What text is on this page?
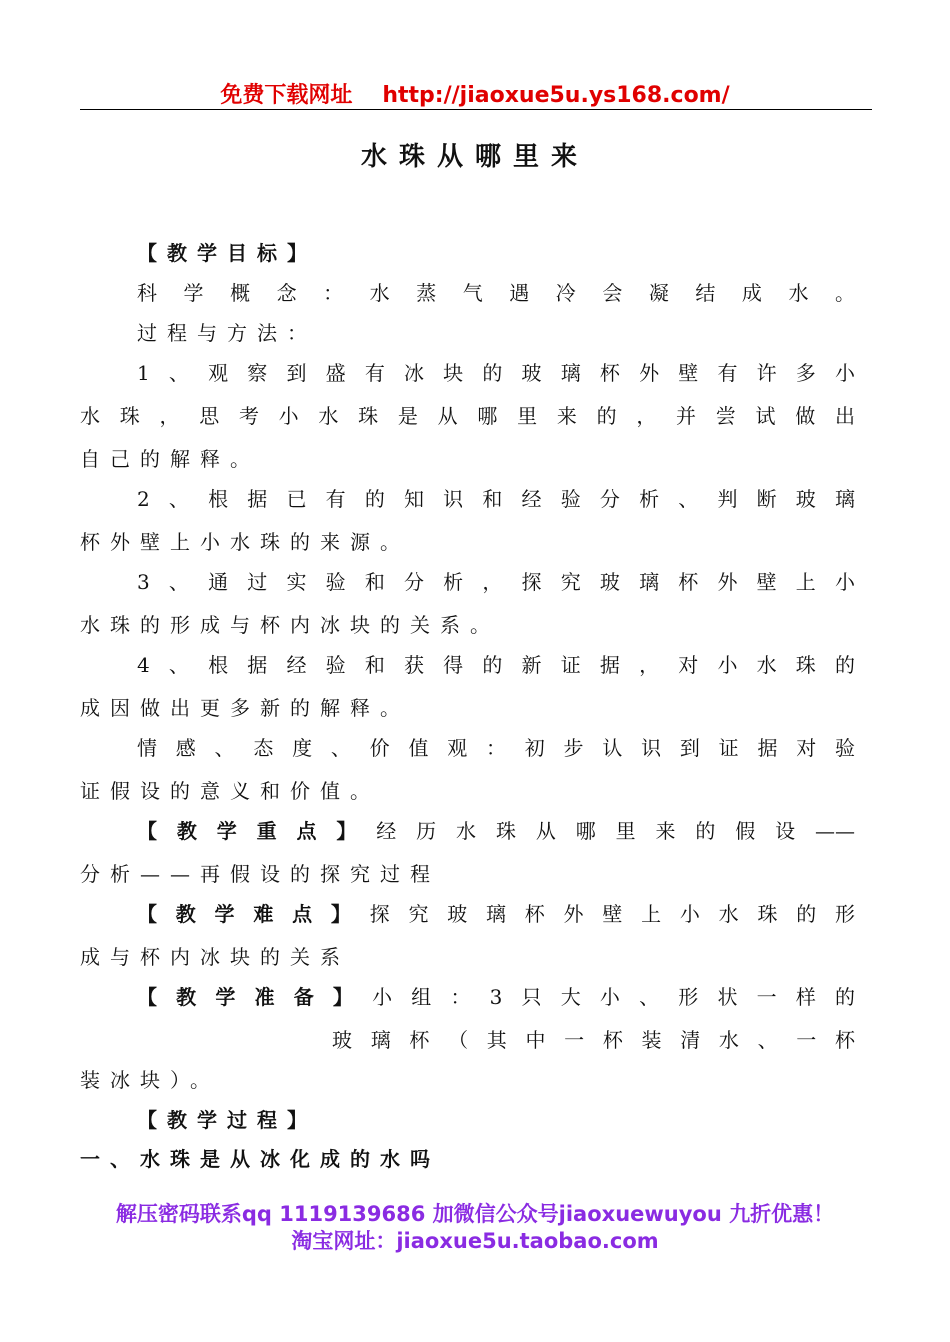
免费下载网址 http://jiaoxue5u.ys168.com/
水珠从哪里来
【教学目标】
科学概念：水蒸气遇冷会凝结成水。
过程与方法：
1、观察到盛有冰块的玻璃杯外壁有许多小
水珠，思考小水珠是从哪里来的，并尝试做出
自己的解释。
2、根据已有的知识和经验分析、判断玻璃
杯外壁上小水珠的来源。
3、通过实验和分析，探究玻璃杯外壁上小
水珠的形成与杯内冰块的关系。
4、根据经验和获得的新证据，对小水珠的
成因做出更多新的解释。
情感、态度、价值观：初步认识到证据对验
证假设的意义和价值。
【教学重点】经历水珠从哪里来的假设——
分析——再假设的探究过程
【教学难点】探究玻璃杯外壁上小水珠的形
成与杯内冰块的关系
【教学准备】小组：3只大小、形状一样的
玻璃杯（其中一杯装清水、一杯
装冰块）。
【教学过程】
一、水珠是从冰化成的水吗
解压密码联系qq 1119139686 加微信公众号jiaoxuewuyou 九折优惠！
淘宝网址：jiaoxue5u.taobao.com
